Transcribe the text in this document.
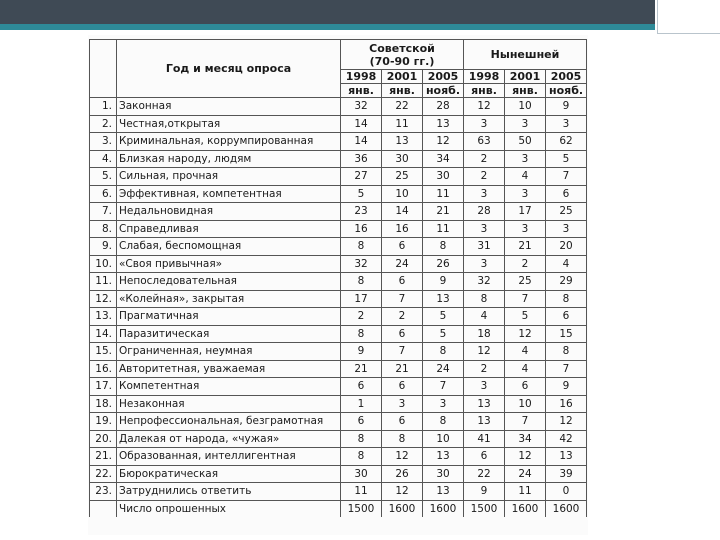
	Год и месяц опроса	Советской
(70-90 гг.)			Нынешней		
		1998	2001	2005	1998	2001	2005
		янв.	янв.	нояб.	янв.	янв.	нояб.
1.	Законная	32	22	28	12	10	9
2.	Честная,открытая	14	11	13	3	3	3
3.	Криминальная, коррумпированная	14	13	12	63	50	62
4.	Близкая народу, людям	36	30	34	2	3	5
5.	Сильная, прочная	27	25	30	2	4	7
6.	Эффективная, компетентная	5	10	11	3	3	6
7.	Недальновидная	23	14	21	28	17	25
8.	Справедливая	16	16	11	3	3	3
9.	Слабая, беспомощная	8	6	8	31	21	20
10.	«Своя привычная»	32	24	26	3	2	4
11.	Непоследовательная	8	6	9	32	25	29
12.	«Колейная», закрытая	17	7	13	8	7	8
13.	Прагматичная	2	2	5	4	5	6
14.	Паразитическая	8	6	5	18	12	15
15.	Ограниченная, неумная	9	7	8	12	4	8
16.	Авторитетная, уважаемая	21	21	24	2	4	7
17.	Компетентная	6	6	7	3	6	9
18.	Незаконная	1	3	3	13	10	16
19.	Непрофессиональная, безграмотная	6	6	8	13	7	12
20.	Далекая от народа, «чужая»	8	8	10	41	34	42
21.	Образованная, интеллигентная	8	12	13	6	12	13
22.	Бюрократическая	30	26	30	22	24	39
23.	Затруднились ответить	11	12	13	9	11	0
	Число опрошенных	1500	1600	1600	1500	1600	1600
